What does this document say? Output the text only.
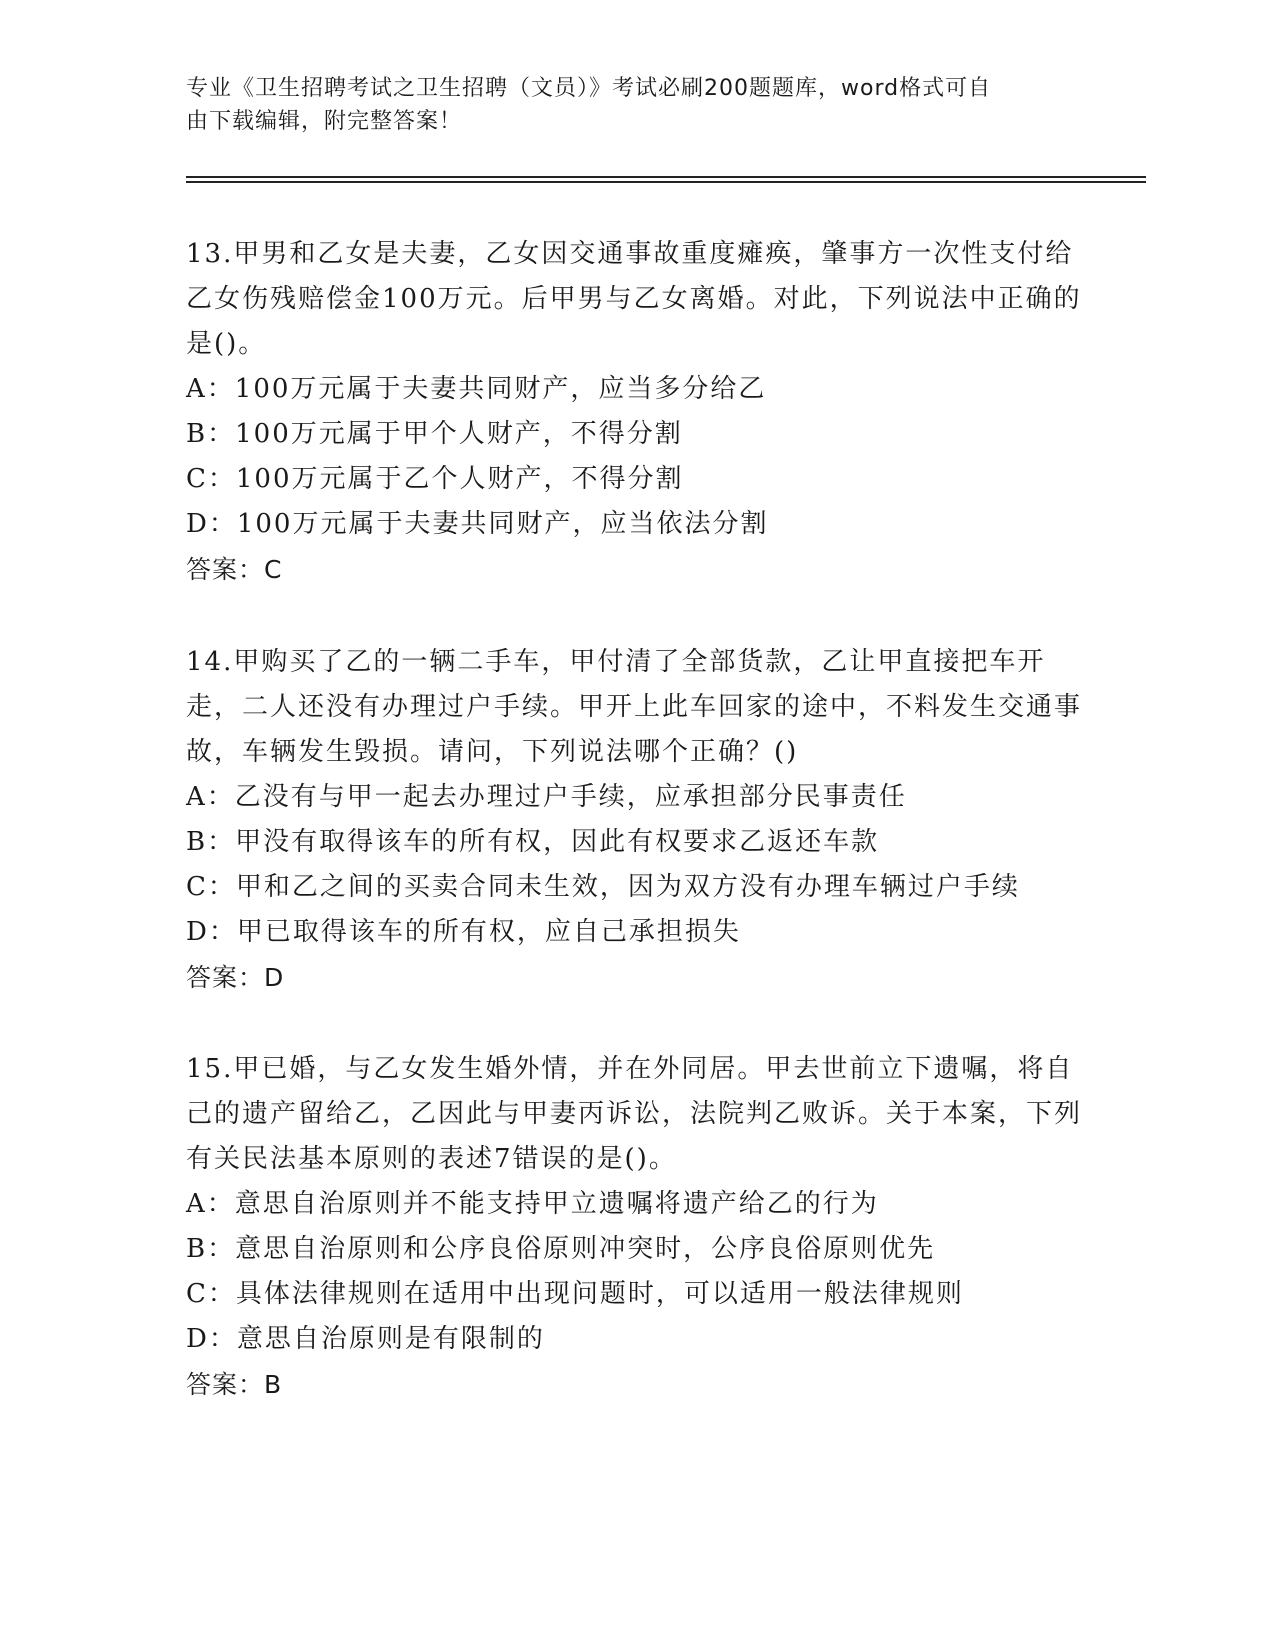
专业《卫生招聘考试之卫生招聘（文员）》考试必刷200题题库，word格式可自
由下载编辑，附完整答案！
13.甲男和乙女是夫妻，乙女因交通事故重度瘫痪，肇事方一次性支付给乙女伤残赔偿金100万元。后甲男与乙女离婚。对此，下列说法中正确的是()。
A：100万元属于夫妻共同财产，应当多分给乙
B：100万元属于甲个人财产，不得分割
C：100万元属于乙个人财产，不得分割
D：100万元属于夫妻共同财产，应当依法分割
答案：C
14.甲购买了乙的一辆二手车，甲付清了全部货款，乙让甲直接把车开走，二人还没有办理过户手续。甲开上此车回家的途中，不料发生交通事故，车辆发生毁损。请问，下列说法哪个正确？()
A：乙没有与甲一起去办理过户手续，应承担部分民事责任
B：甲没有取得该车的所有权，因此有权要求乙返还车款
C：甲和乙之间的买卖合同未生效，因为双方没有办理车辆过户手续
D：甲已取得该车的所有权，应自己承担损失
答案：D
15.甲已婚，与乙女发生婚外情，并在外同居。甲去世前立下遗嘱，将自己的遗产留给乙，乙因此与甲妻丙诉讼，法院判乙败诉。关于本案，下列有关民法基本原则的表述7错误的是()。
A：意思自治原则并不能支持甲立遗嘱将遗产给乙的行为
B：意思自治原则和公序良俗原则冲突时，公序良俗原则优先
C：具体法律规则在适用中出现问题时，可以适用一般法律规则
D：意思自治原则是有限制的
答案：B
